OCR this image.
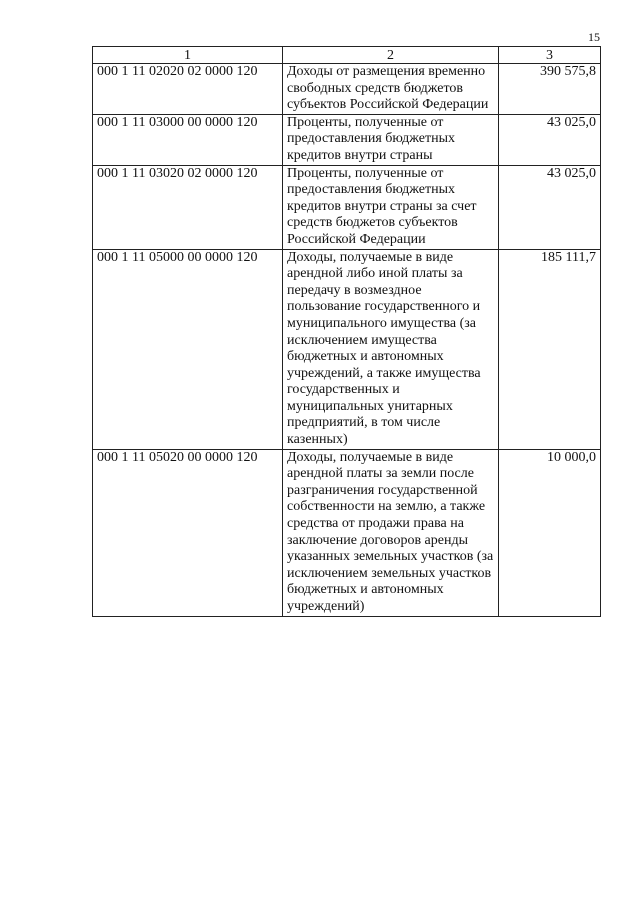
15
1	2	3
000 1 11 02020 02 0000 120	Доходы от размещения временно свободных средств бюджетов субъектов Российской Федерации	390 575,8
000 1 11 03000 00 0000 120	Проценты, полученные от предоставления бюджетных кредитов внутри страны	43 025,0
000 1 11 03020 02 0000 120	Проценты, полученные от предоставления бюджетных кредитов внутри страны за счет средств бюджетов субъектов Российской Федерации	43 025,0
000 1 11 05000 00 0000 120	Доходы, получаемые в виде арендной либо иной платы за передачу в возмездное пользование государственного и муниципального имущества (за исключением имущества бюджетных и автономных учреждений, а также имущества государственных и муниципальных унитарных предприятий, в том числе казенных)	185 111,7
000 1 11 05020 00 0000 120	Доходы, получаемые в виде арендной платы за земли после разграничения государственной собственности на землю, а также средства от продажи права на заключение договоров аренды указанных земельных участков (за исключением земельных участков бюджетных и автономных учреждений)	10 000,0
